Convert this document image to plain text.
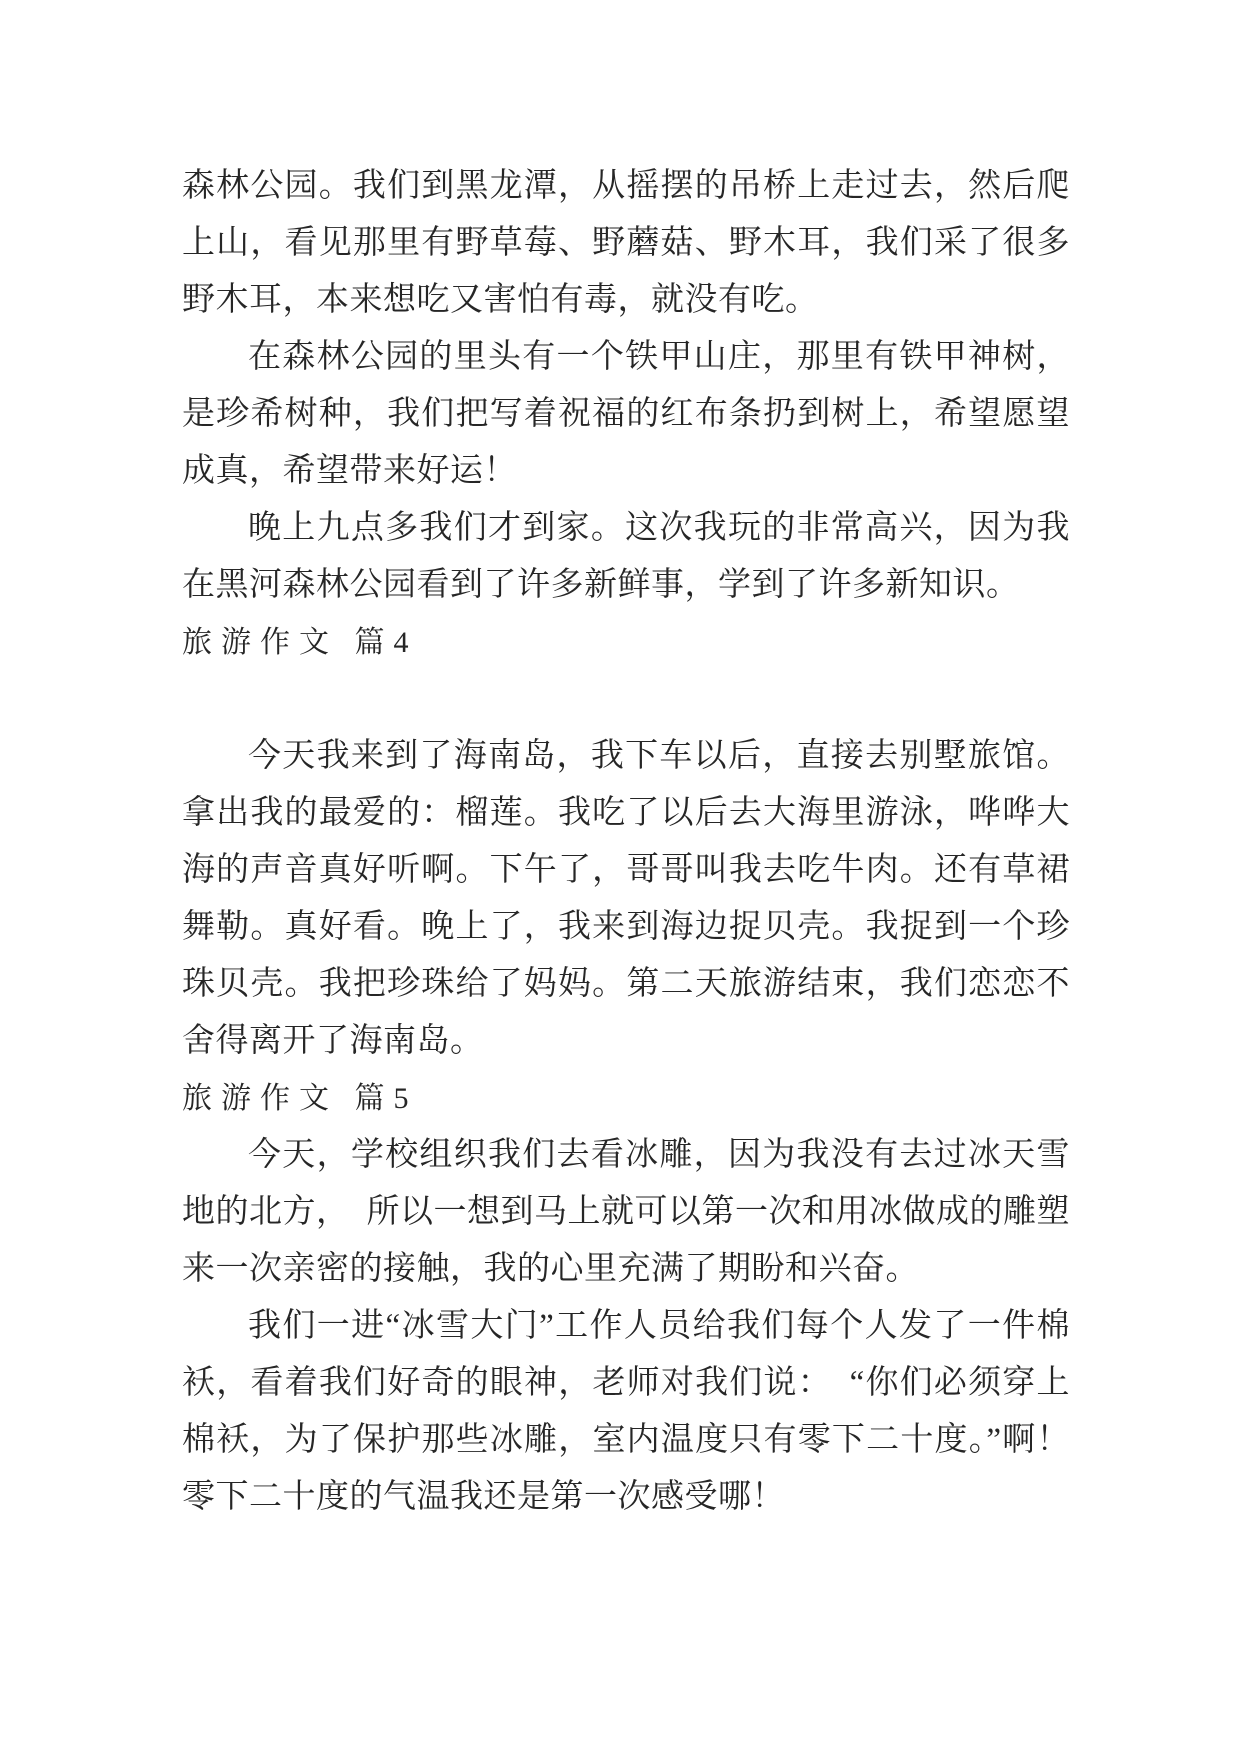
森林公园。我们到黑龙潭，从摇摆的吊桥上走过去，然后爬上山，看见那里有野草莓、野蘑菇、野木耳，我们采了很多野木耳，本来想吃又害怕有毒，就没有吃。

在森林公园的里头有一个铁甲山庄，那里有铁甲神树，是珍希树种，我们把写着祝福的红布条扔到树上，希望愿望成真，希望带来好运！

晚上九点多我们才到家。这次我玩的非常高兴，因为我在黑河森林公园看到了许多新鲜事，学到了许多新知识。

旅游作文 篇4

今天我来到了海南岛，我下车以后，直接去别墅旅馆。拿出我的最爱的：榴莲。我吃了以后去大海里游泳，哗哗大海的声音真好听啊。下午了，哥哥叫我去吃牛肉。还有草裙舞勒。真好看。晚上了，我来到海边捉贝壳。我捉到一个珍珠贝壳。我把珍珠给了妈妈。第二天旅游结束，我们恋恋不舍得离开了海南岛。

旅游作文 篇5

今天，学校组织我们去看冰雕，因为我没有去过冰天雪地的北方，　所以一想到马上就可以第一次和用冰做成的雕塑来一次亲密的接触，我的心里充满了期盼和兴奋。

我们一进“冰雪大门”工作人员给我们每个人发了一件棉袄，看着我们好奇的眼神，老师对我们说：　“你们必须穿上棉袄，为了保护那些冰雕，室内温度只有零下二十度。”啊！　零下二十度的气温我还是第一次感受哪！
